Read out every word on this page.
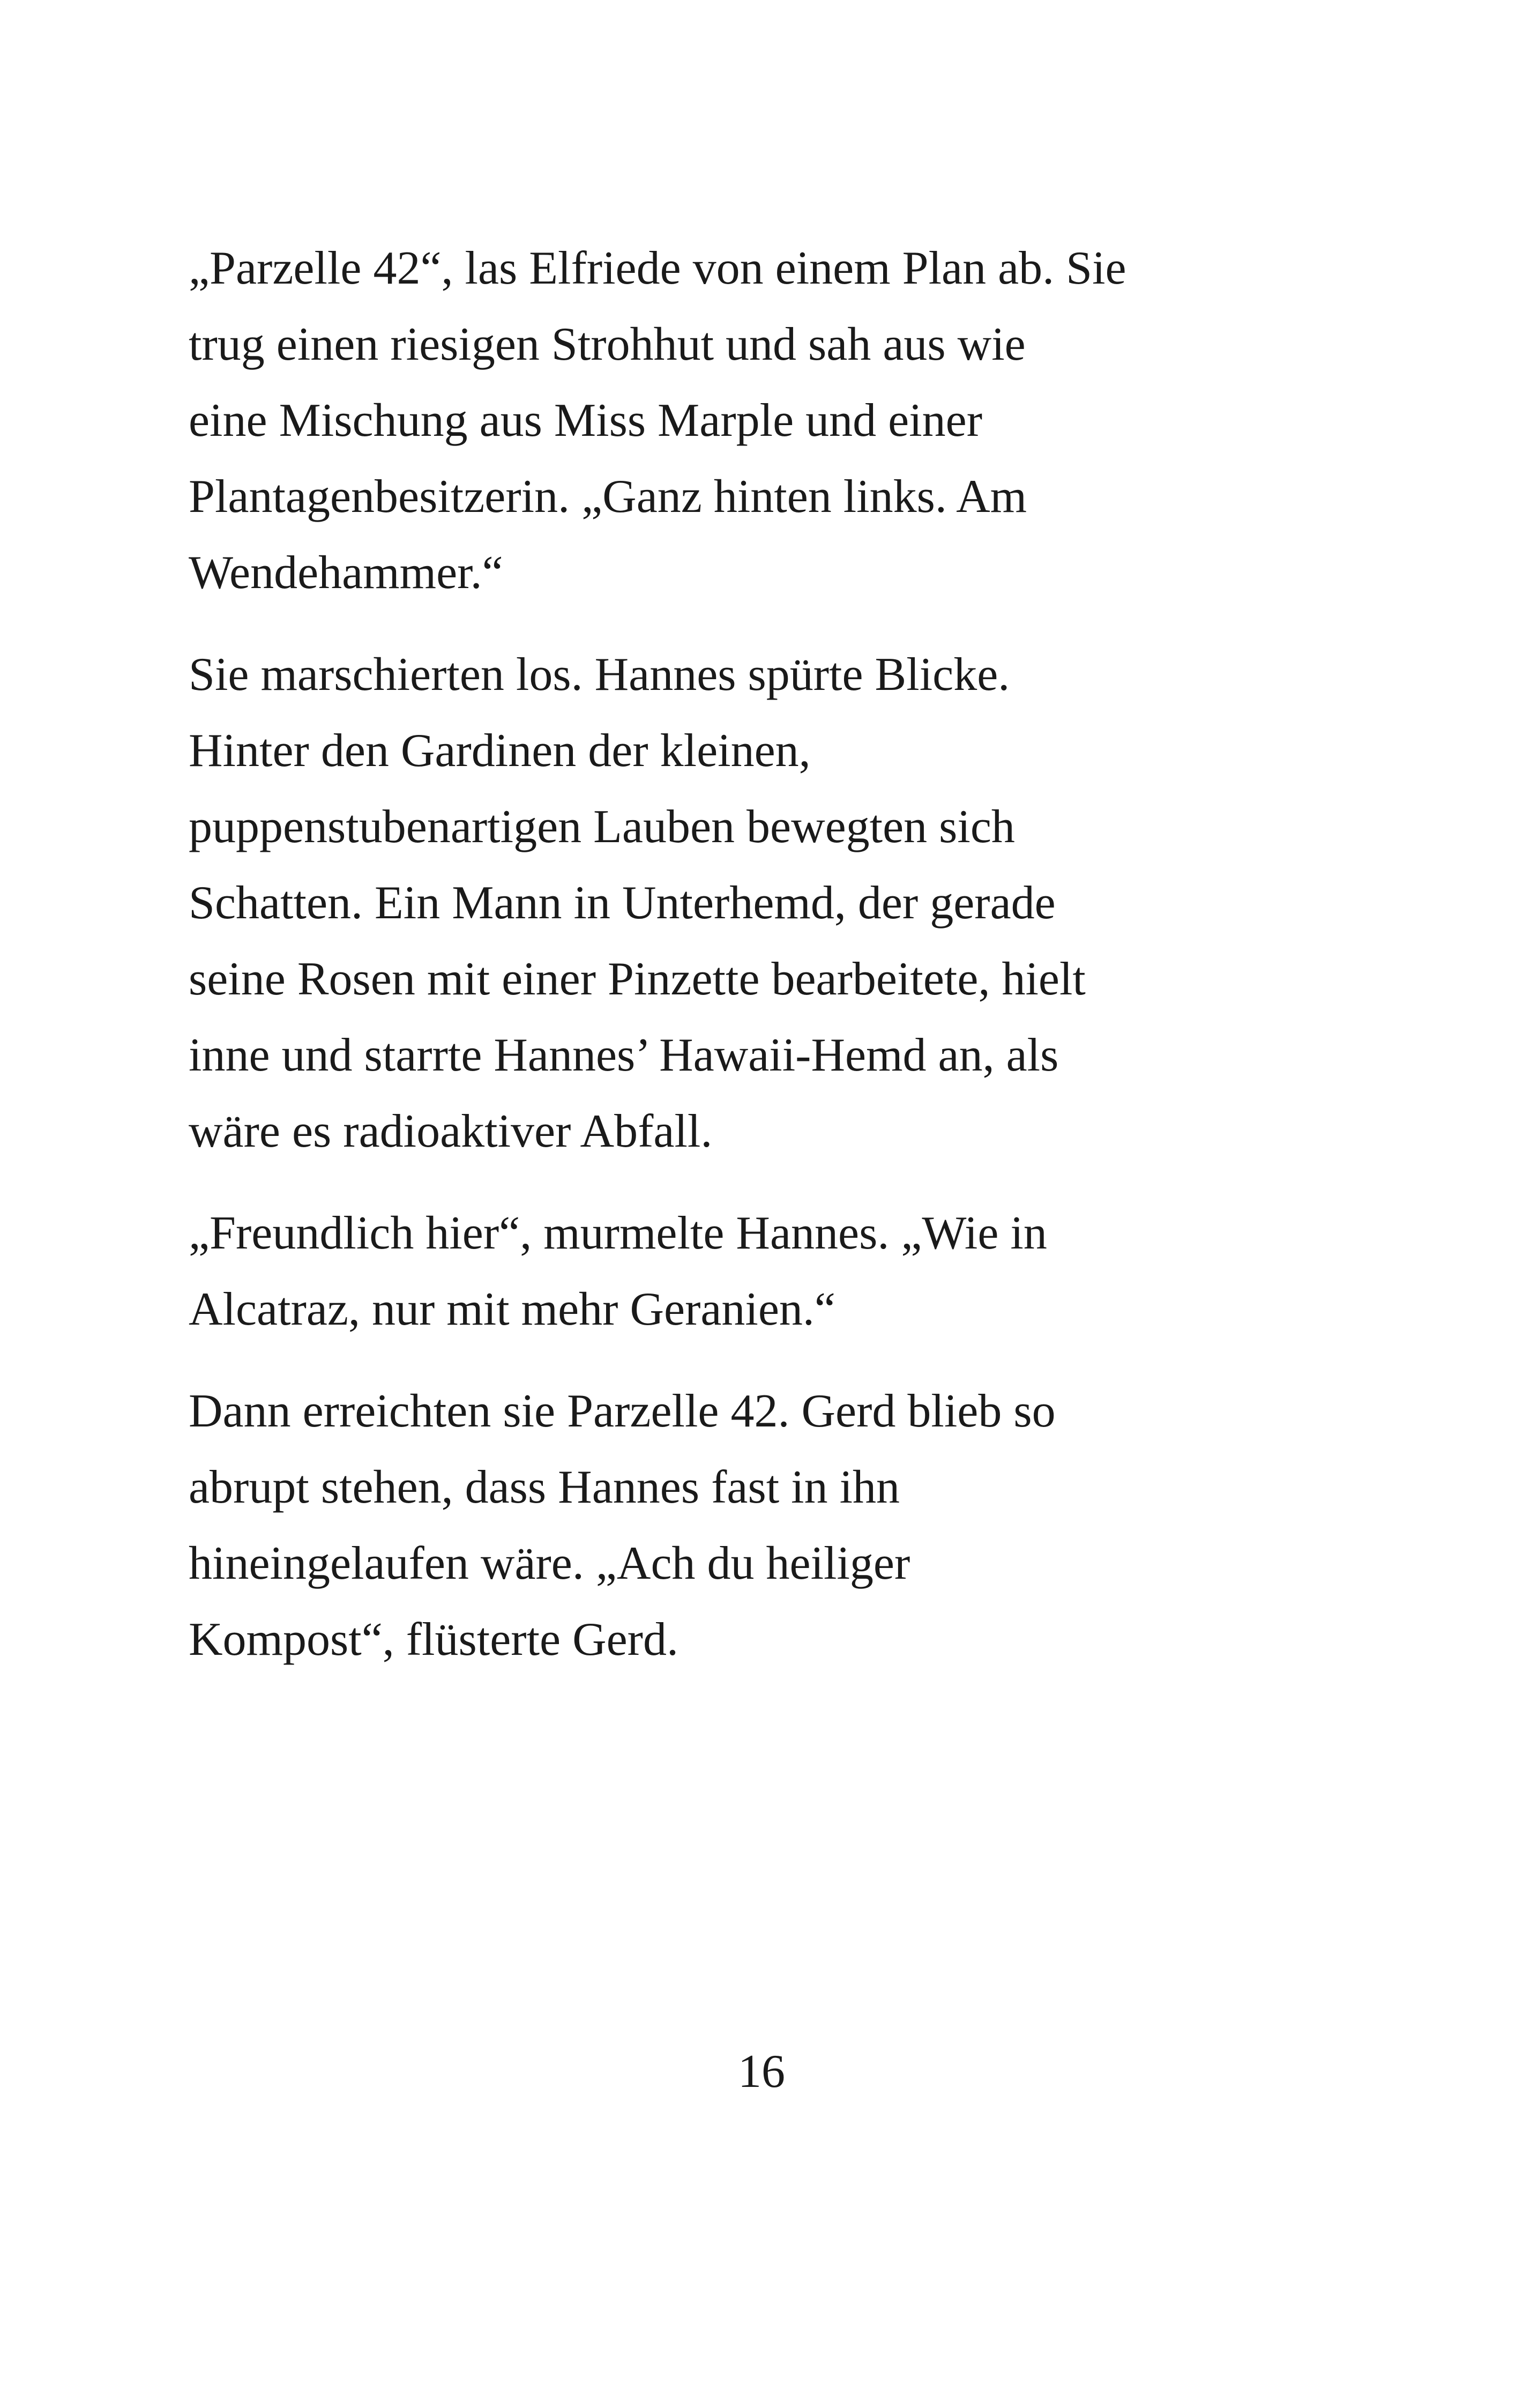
„Parzelle 42“, las Elfriede von einem Plan ab. Sie
trug einen riesigen Strohhut und sah aus wie
eine Mischung aus Miss Marple und einer
Plantagenbesitzerin. „Ganz hinten links. Am
Wendehammer.“

Sie marschierten los. Hannes spürte Blicke.
Hinter den Gardinen der kleinen,
puppenstubenartigen Lauben bewegten sich
Schatten. Ein Mann in Unterhemd, der gerade
seine Rosen mit einer Pinzette bearbeitete, hielt
inne und starrte Hannes’ Hawaii-Hemd an, als
wäre es radioaktiver Abfall.

„Freundlich hier“, murmelte Hannes. „Wie in
Alcatraz, nur mit mehr Geranien.“

Dann erreichten sie Parzelle 42. Gerd blieb so
abrupt stehen, dass Hannes fast in ihn
hineingelaufen wäre. „Ach du heiliger
Kompost“, flüsterte Gerd.

16
